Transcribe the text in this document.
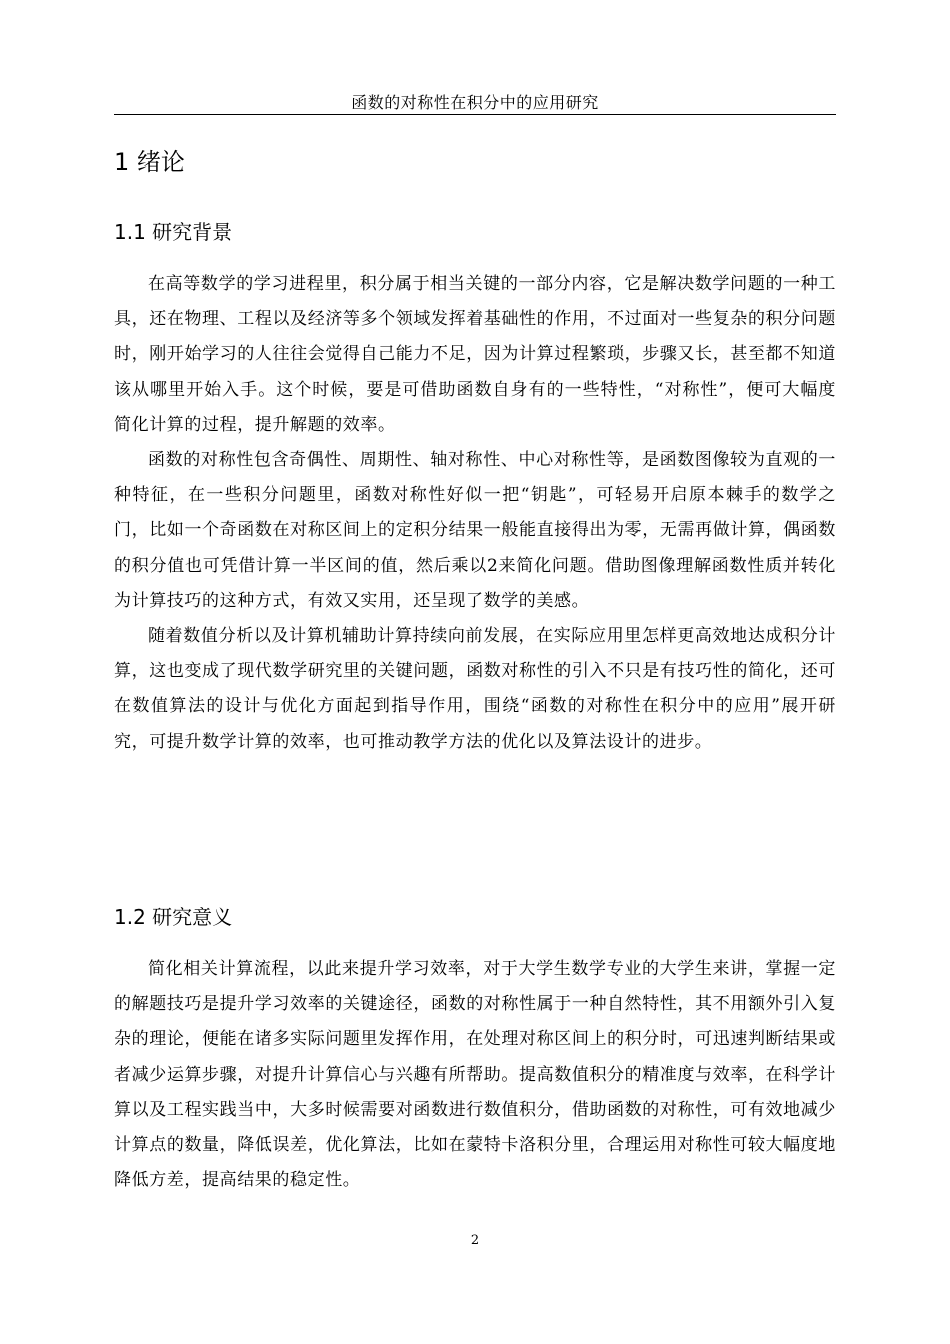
函数的对称性在积分中的应用研究
1 绪论
1.1 研究背景

在高等数学的学习进程里，积分属于相当关键的一部分内容，它是解决数学问题的一种工具，还在物理、工程以及经济等多个领域发挥着基础性的作用，不过面对一些复杂的积分问题时，刚开始学习的人往往会觉得自己能力不足，因为计算过程繁琐，步骤又长，甚至都不知道该从哪里开始入手。这个时候，要是可借助函数自身有的一些特性，“对称性”，便可大幅度简化计算的过程，提升解题的效率。

函数的对称性包含奇偶性、周期性、轴对称性、中心对称性等，是函数图像较为直观的一种特征，在一些积分问题里，函数对称性好似一把“钥匙”，可轻易开启原本棘手的数学之门，比如一个奇函数在对称区间上的定积分结果一般能直接得出为零，无需再做计算，偶函数的积分值也可凭借计算一半区间的值，然后乘以2来简化问题。借助图像理解函数性质并转化为计算技巧的这种方式，有效又实用，还呈现了数学的美感。

随着数值分析以及计算机辅助计算持续向前发展，在实际应用里怎样更高效地达成积分计算，这也变成了现代数学研究里的关键问题，函数对称性的引入不只是有技巧性的简化，还可在数值算法的设计与优化方面起到指导作用，围绕“函数的对称性在积分中的应用”展开研究，可提升数学计算的效率，也可推动教学方法的优化以及算法设计的进步。

1.2 研究意义

简化相关计算流程，以此来提升学习效率，对于大学生数学专业的大学生来讲，掌握一定的解题技巧是提升学习效率的关键途径，函数的对称性属于一种自然特性，其不用额外引入复杂的理论，便能在诸多实际问题里发挥作用，在处理对称区间上的积分时，可迅速判断结果或者减少运算步骤，对提升计算信心与兴趣有所帮助。提高数值积分的精准度与效率，在科学计算以及工程实践当中，大多时候需要对函数进行数值积分，借助函数的对称性，可有效地减少计算点的数量，降低误差，优化算法，比如在蒙特卡洛积分里，合理运用对称性可较大幅度地降低方差，提高结果的稳定性。

2
